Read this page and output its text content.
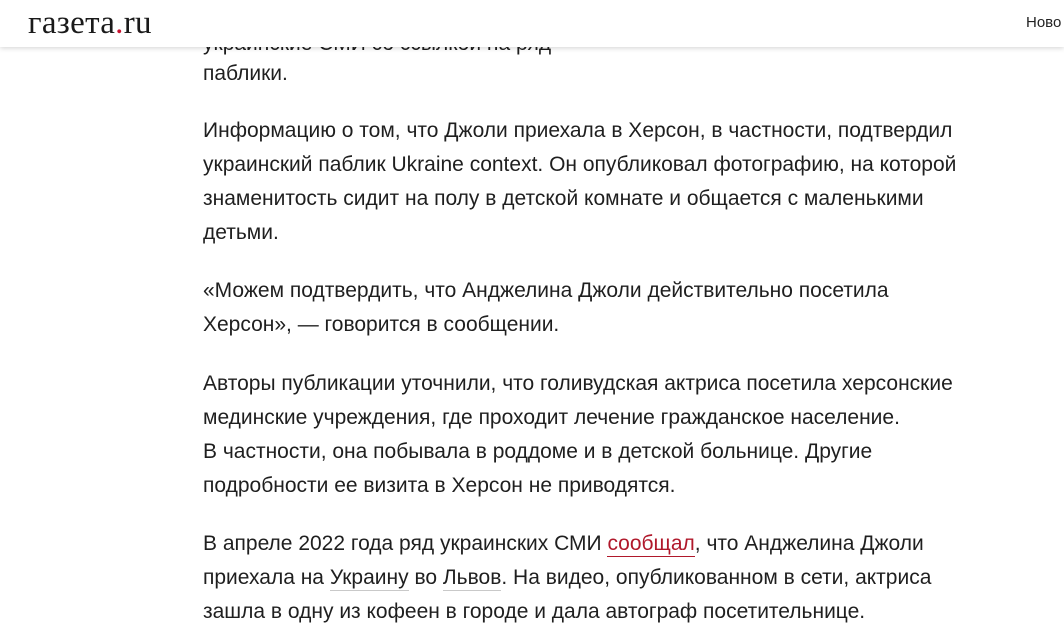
паблики.

Информацию о том, что Джоли приехала в Херсон, в частности, подтвердил
украинский паблик Ukraine context. Он опубликовал фотографию, на которой
знаменитость сидит на полу в детской комнате и общается с маленькими
детьми.

«Можем подтвердить, что Анджелина Джоли действительно посетила
Херсон», — говорится в сообщении.

Авторы публикации уточнили, что голивудская актриса посетила херсонские
мединские учреждения, где проходит лечение гражданское население.
В частности, она побывала в роддоме и в детской больнице. Другие
подробности ее визита в Херсон не приводятся.

В апреле 2022 года ряд украинских СМИ сообщал, что Анджелина Джоли
приехала на Украину во Львов. На видео, опубликованном в сети, актриса
зашла в одну из кофеен в городе и дала автограф посетительнице.

газета.ru	Ново
